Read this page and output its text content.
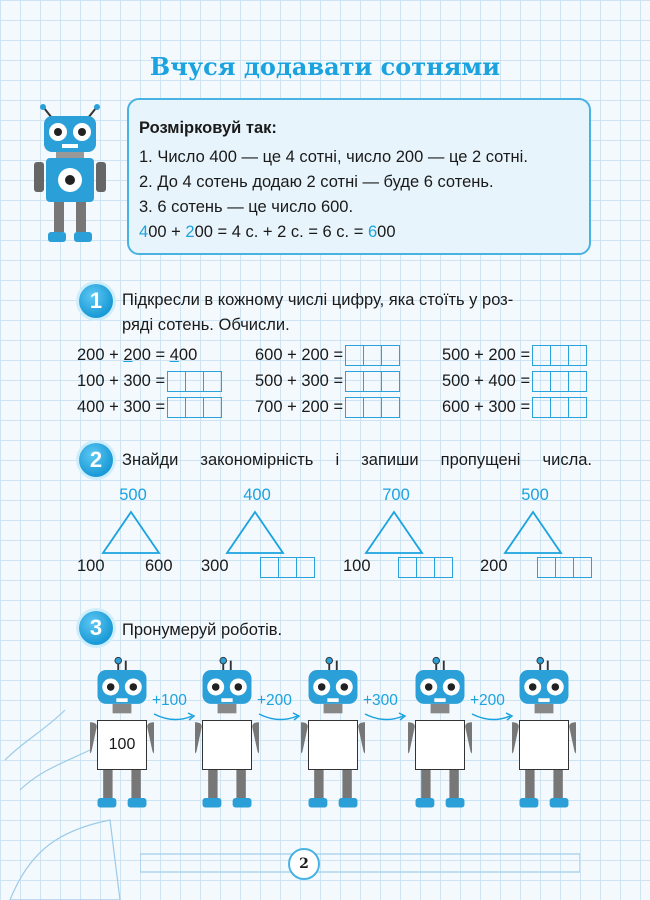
Вчуся додавати сотнями
Розмірковуй так:
1. Число 400 — це 4 сотні, число 200 — це 2 сотні.
2. До 4 сотень додаю 2 сотні — буде 6 сотень.
3. 6 сотень — це число 600.
400 + 200 = 4 с. + 2 с. = 6 с. = 600
1	Підкресли в кожному числі цифру, яка стоїть у роз-
ряді сотень. Обчисли.
200 + 2 00 = 4 00	600 + 200 =	500 + 200 =
100 + 300 =	500 + 300 =	500 + 400 =
400 + 300 =	700 + 200 =	600 + 300 =
2	Знайди закономірність і запиши пропущені числа.
500
100 600
400
300
700
100
500
200
3	Пронумеруй роботів.
100
+100	+200	+300	+200
2
